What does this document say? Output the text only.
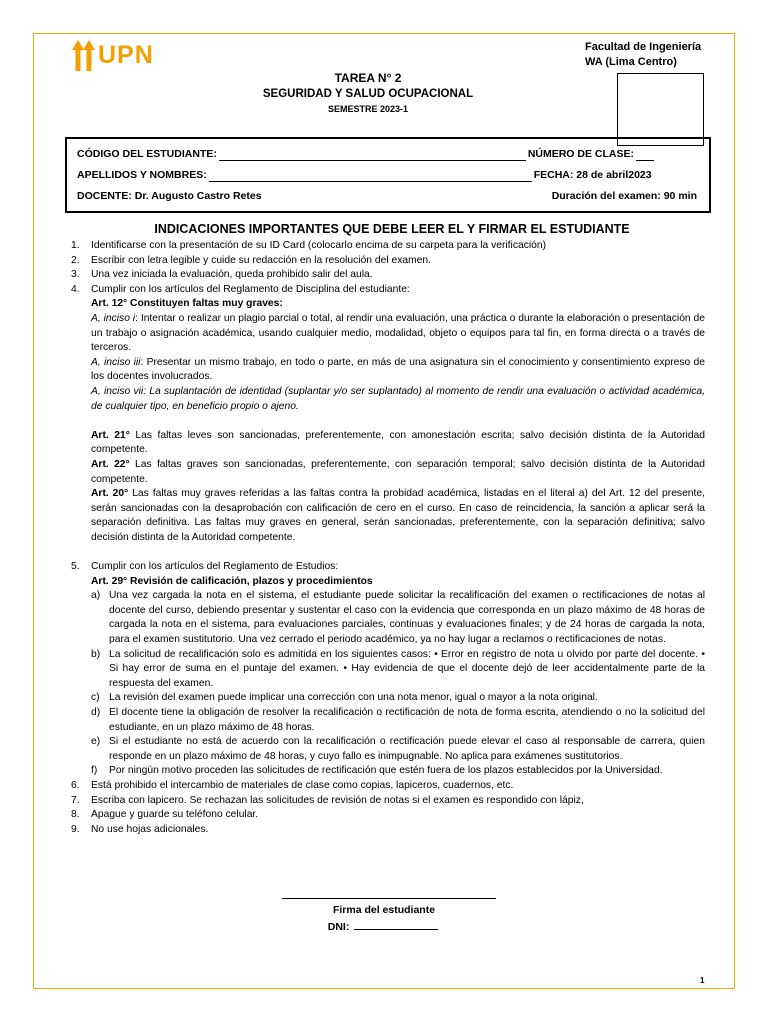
UPN	Facultad de Ingeniería
WA (Lima Centro)
TAREA N° 2
SEGURIDAD Y SALUD OCUPACIONAL
SEMESTRE 2023-1
CÓDIGO DEL ESTUDIANTE:	NÚMERO DE CLASE:
APELLIDOS Y NOMBRES:	FECHA: 28 de abril2023
DOCENTE: Dr. Augusto Castro Retes	Duración del examen: 90 min
INDICACIONES IMPORTANTES QUE DEBE LEER EL Y FIRMAR EL ESTUDIANTE
1. Identificarse con la presentación de su ID Card (colocarlo encima de su carpeta para la verificación)
2. Escribir con letra legible y cuide su redacción en la resolución del examen.
3. Una vez iniciada la evaluación, queda prohibido salir del aula.
4. Cumplir con los artículos del Reglamento de Disciplina del estudiante:
Art. 12° Constituyen faltas muy graves:
A, inciso i: Intentar o realizar un plagio parcial o total, al rendir una evaluación, una práctica o durante la elaboración o presentación de un trabajo o asignación académica, usando cualquier medio, modalidad, objeto o equipos para tal fin, en forma directa o a través de terceros.
A, inciso iii: Presentar un mismo trabajo, en todo o parte, en más de una asignatura sin el conocimiento y consentimiento expreso de los docentes involucrados.
A, inciso vii: La suplantación de identidad (suplantar y/o ser suplantado) al momento de rendir una evaluación o actividad académica, de cualquier tipo, en beneficio propio o ajeno.
Art. 21° Las faltas leves son sancionadas, preferentemente, con amonestación escrita; salvo decisión distinta de la Autoridad competente.
Art. 22° Las faltas graves son sancionadas, preferentemente, con separación temporal; salvo decisión distinta de la Autoridad competente.
Art. 20° Las faltas muy graves referidas a las faltas contra la probidad académica, listadas en el literal a) del Art. 12 del presente, serán sancionadas con la desaprobación con calificación de cero en el curso. En caso de reincidencia, la sanción a aplicar será la separación definitiva. Las faltas muy graves en general, serán sancionadas, preferentemente, con la separación definitiva; salvo decisión distinta de la Autoridad competente.
5. Cumplir con los artículos del Reglamento de Estudios:
Art. 29° Revisión de calificación, plazos y procedimientos
a) Una vez cargada la nota en el sistema, el estudiante puede solicitar la recalificación del examen o rectificaciones de notas al docente del curso, debiendo presentar y sustentar el caso con la evidencia que corresponda en un plazo máximo de 48 horas de cargada la nota en el sistema, para evaluaciones parciales, continuas y evaluaciones finales; y de 24 horas de cargada la nota, para el examen sustitutorio. Una vez cerrado el periodo académico, ya no hay lugar a reclamos o rectificaciones de notas.
b) La solicitud de recalificación solo es admitida en los siguientes casos: • Error en registro de nota u olvido por parte del docente. • Si hay error de suma en el puntaje del examen. • Hay evidencia de que el docente dejó de leer accidentalmente parte de la respuesta del examen.
c) La revisión del examen puede implicar una corrección con una nota menor, igual o mayor a la nota original.
d) El docente tiene la obligación de resolver la recalificación o rectificación de nota de forma escrita, atendiendo o no la solicitud del estudiante, en un plazo máximo de 48 horas.
e) Si el estudiante no está de acuerdo con la recalificación o rectificación puede elevar el caso al responsable de carrera, quien responde en un plazo máximo de 48 horas, y cuyo fallo es inimpugnable. No aplica para exámenes sustitutorios.
f) Por ningún motivo proceden las solicitudes de rectificación que estén fuera de los plazos establecidos por la Universidad.
6. Está prohibido el intercambio de materiales de clase como copias, lapiceros, cuadernos, etc.
7. Escriba con lapicero. Se rechazan las solicitudes de revisión de notas si el examen es respondido con lápiz,
8. Apague y guarde su teléfono celular.
9. No use hojas adicionales.
Firma del estudiante
DNI:
1
